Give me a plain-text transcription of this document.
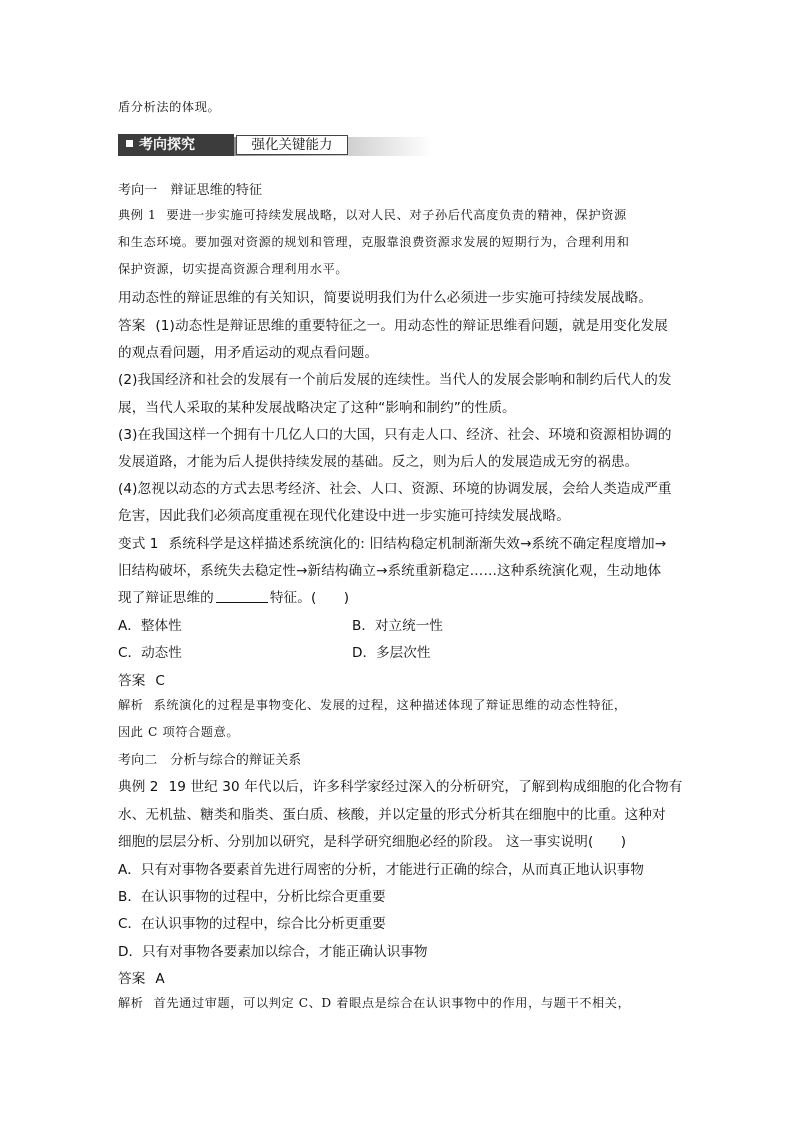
盾分析法的体现。
考向探究	强化关键能力
考向一　辩证思维的特征
典例 1 要进一步实施可持续发展战略，以对人民、对子孙后代高度负责的精神，保护资源
和生态环境。要加强对资源的规划和管理，克服靠浪费资源求发展的短期行为，合理利用和
保护资源，切实提高资源合理利用水平。
用动态性的辩证思维的有关知识，简要说明我们为什么必须进一步实施可持续发展战略。
答案 (1)动态性是辩证思维的重要特征之一。用动态性的辩证思维看问题，就是用变化发展
的观点看问题，用矛盾运动的观点看问题。
(2)我国经济和社会的发展有一个前后发展的连续性。当代人的发展会影响和制约后代人的发
展，当代人采取的某种发展战略决定了这种“影响和制约”的性质。
(3)在我国这样一个拥有十几亿人口的大国，只有走人口、经济、社会、环境和资源相协调的
发展道路，才能为后人提供持续发展的基础。反之，则为后人的发展造成无穷的祸患。
(4)忽视以动态的方式去思考经济、社会、人口、资源、环境的协调发展，会给人类造成严重
危害，因此我们必须高度重视在现代化建设中进一步实施可持续发展战略。
变式 1 系统科学是这样描述系统演化的: 旧结构稳定机制渐渐失效→系统不确定程度增加→
旧结构破坏，系统失去稳定性→新结构确立→系统重新稳定……这种系统演化观，生动地体
现了辩证思维的	特征。(　　)
A．整体性	B．对立统一性
C．动态性	D．多层次性
答案 C
解析 系统演化的过程是事物变化、发展的过程，这种描述体现了辩证思维的动态性特征，
因此 C 项符合题意。
考向二　分析与综合的辩证关系
典例 2 19 世纪 30 年代以后，许多科学家经过深入的分析研究，了解到构成细胞的化合物有
水、无机盐、糖类和脂类、蛋白质、核酸，并以定量的形式分析其在细胞中的比重。这种对
细胞的层层分析、分别加以研究，是科学研究细胞必经的阶段。 这一事实说明(　　)
A．只有对事物各要素首先进行周密的分析，才能进行正确的综合，从而真正地认识事物
B．在认识事物的过程中，分析比综合更重要
C．在认识事物的过程中，综合比分析更重要
D．只有对事物各要素加以综合，才能正确认识事物
答案 A
解析 首先通过审题，可以判定 C、D 着眼点是综合在认识事物中的作用，与题干不相关，
